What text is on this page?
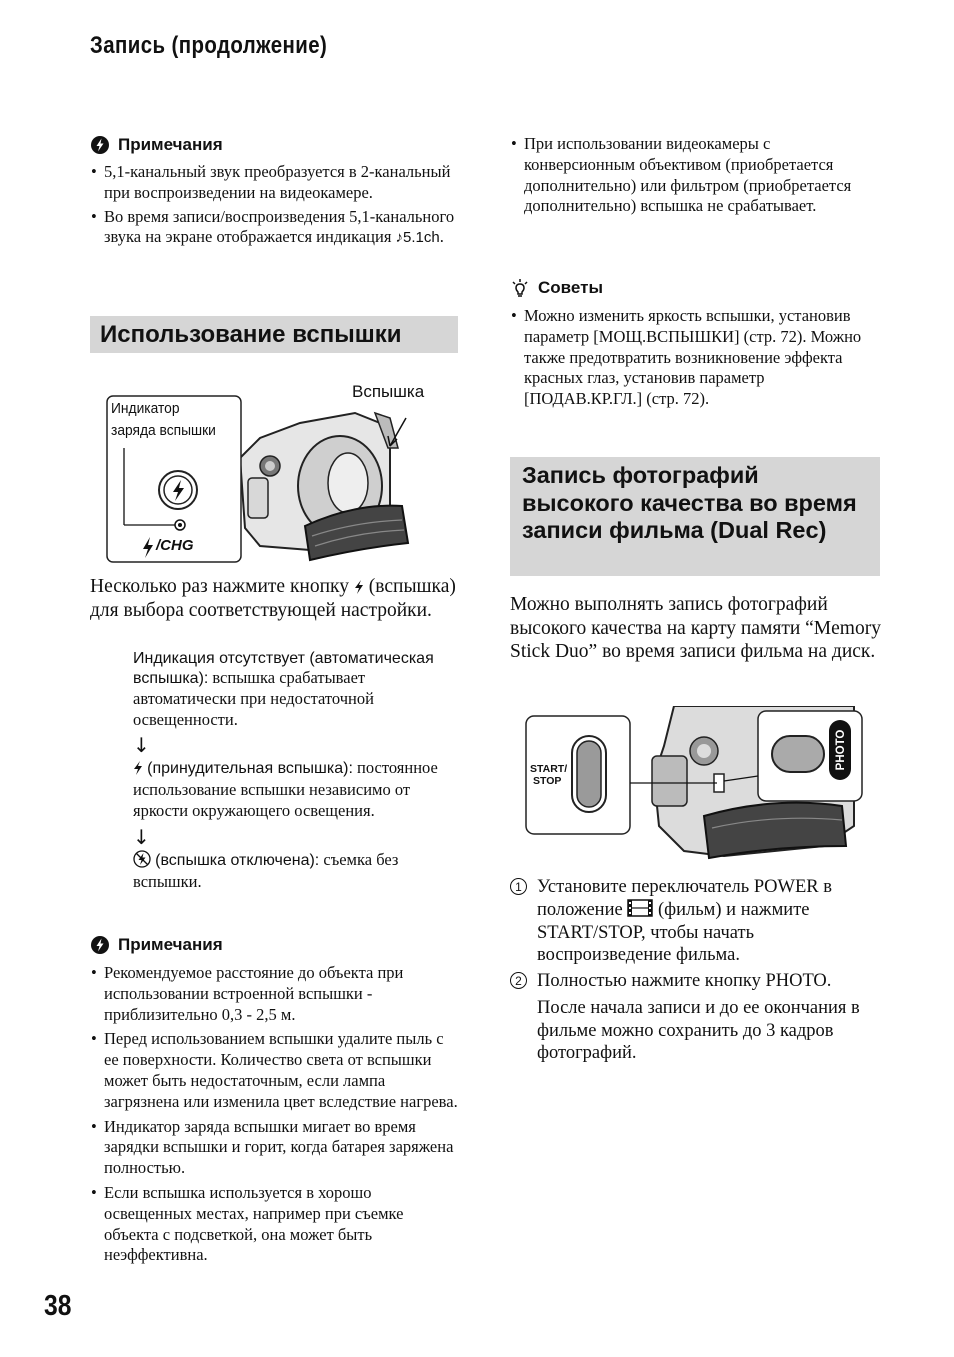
Запись (продолжение)
Примечания
• 5,1-канальный звук преобразуется в 2-канальный при воспроизведении на видеокамере.
• Во время записи/воспроизведения 5,1-канального звука на экране отображается индикация ♪5.1ch.
Использование вспышки
Вспышка
Индикатор
заряда вспышки
/CHG
Несколько раз нажмите кнопку (вспышка) для выбора соответствующей настройки.
Индикация отсутствует (автоматическая вспышка): вспышка срабатывает автоматически при недостаточной освещенности.
↓
(принудительная вспышка): постоянное использование вспышки независимо от яркости окружающего освещения.
↓
(вспышка отключена): съемка без вспышки.
Примечания
• Рекомендуемое расстояние до объекта при использовании встроенной вспышки - приблизительно 0,3 - 2,5 м.
• Перед использованием вспышки удалите пыль с ее поверхности. Количество света от вспышки может быть недостаточным, если лампа загрязнена или изменила цвет вследствие нагрева.
• Индикатор заряда вспышки мигает во время зарядки вспышки и горит, когда батарея заряжена полностью.
• Если вспышка используется в хорошо освещенных местах, например при съемке объекта с подсветкой, она может быть неэффективна.
38
• При использовании видеокамеры с конверсионным объективом (приобретается дополнительно) или фильтром (приобретается дополнительно) вспышка не срабатывает.
Советы
• Можно изменить яркость вспышки, установив параметр [МОЩ.ВСПЫШКИ] (стр. 72). Можно также предотвратить возникновение эффекта красных глаз, установив параметр [ПОДАВ.КР.ГЛ.] (стр. 72).
Запись фотографий высокого качества во время записи фильма (Dual Rec)
Можно выполнять запись фотографий высокого качества на карту памяти “Memory Stick Duo” во время записи фильма на диск.
START/
STOP
PHOTO
1 Установите переключатель POWER в положение (фильм) и нажмите START/STOP, чтобы начать воспроизведение фильма.
2 Полностью нажмите кнопку PHOTO.
После начала записи и до ее окончания в фильме можно сохранить до 3 кадров фотографий.
